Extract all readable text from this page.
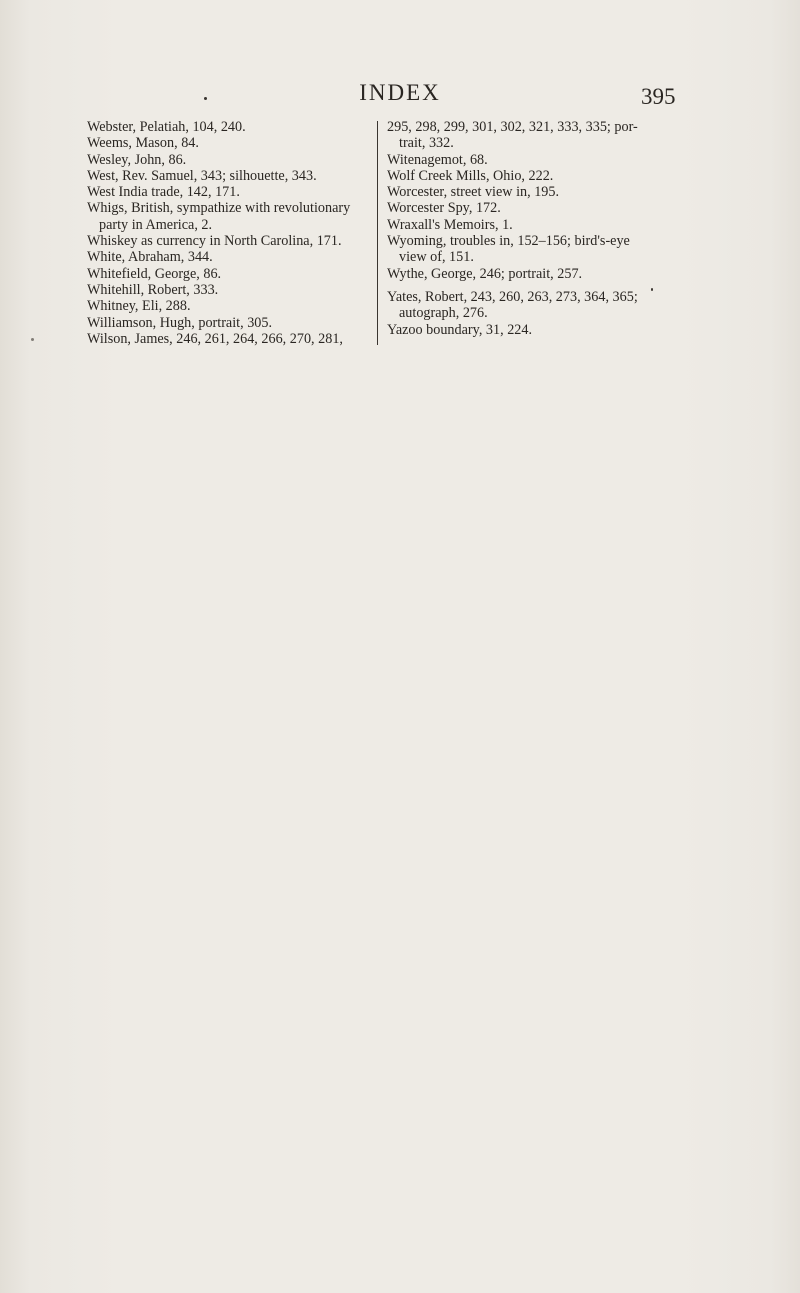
INDEX	395
Webster, Pelatiah, 104, 240.
Weems, Mason, 84.
Wesley, John, 86.
West, Rev. Samuel, 343; silhouette, 343.
West India trade, 142, 171.
Whigs, British, sympathize with revolutionary
party in America, 2.
Whiskey as currency in North Carolina, 171.
White, Abraham, 344.
Whitefield, George, 86.
Whitehill, Robert, 333.
Whitney, Eli, 288.
Williamson, Hugh, portrait, 305.
Wilson, James, 246, 261, 264, 266, 270, 281,
295, 298, 299, 301, 302, 321, 333, 335; por-
trait, 332.
Witenagemot, 68.
Wolf Creek Mills, Ohio, 222.
Worcester, street view in, 195.
Worcester Spy, 172.
Wraxall's Memoirs, 1.
Wyoming, troubles in, 152–156; bird's-eye
view of, 151.
Wythe, George, 246; portrait, 257.
Yates, Robert, 243, 260, 263, 273, 364, 365;
autograph, 276.
Yazoo boundary, 31, 224.
